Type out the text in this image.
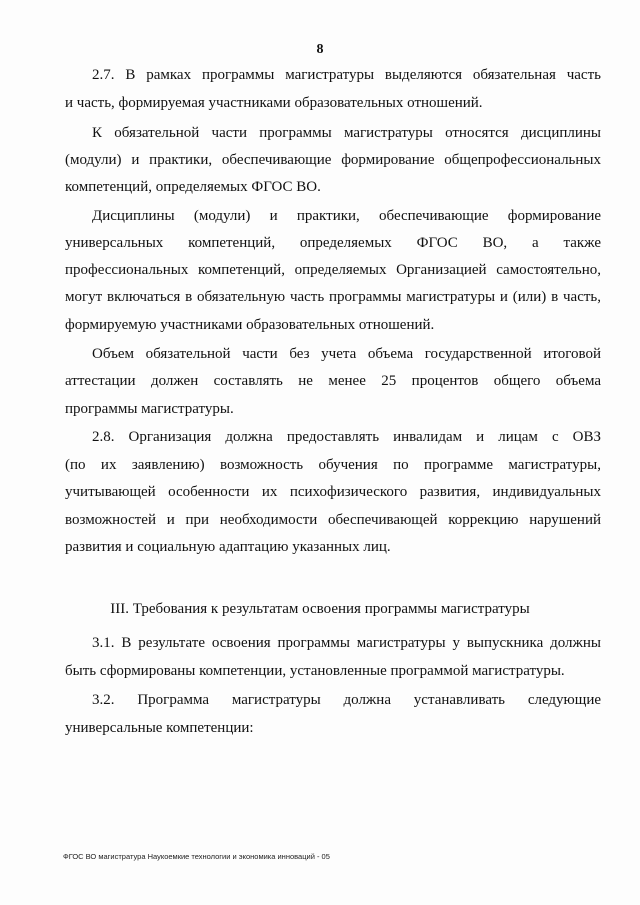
8
2.7. В рамках программы магистратуры выделяются обязательная часть
и часть, формируемая участниками образовательных отношений.
К обязательной части программы магистратуры относятся дисциплины
(модули) и практики, обеспечивающие формирование общепрофессиональных
компетенций, определяемых ФГОС ВО.
Дисциплины (модули) и практики, обеспечивающие формирование
универсальных компетенций, определяемых ФГОС ВО, а также
профессиональных компетенций, определяемых Организацией самостоятельно,
могут включаться в обязательную часть программы магистратуры и (или) в часть,
формируемую участниками образовательных отношений.
Объем обязательной части без учета объема государственной итоговой
аттестации должен составлять не менее 25 процентов общего объема
программы магистратуры.
2.8. Организация должна предоставлять инвалидам и лицам с ОВЗ
(по их заявлению) возможность обучения по программе магистратуры,
учитывающей особенности их психофизического развития, индивидуальных
возможностей и при необходимости обеспечивающей коррекцию нарушений
развития и социальную адаптацию указанных лиц.
III. Требования к результатам освоения программы магистратуры
3.1. В результате освоения программы магистратуры у выпускника должны
быть сформированы компетенции, установленные программой магистратуры.
3.2. Программа магистратуры должна устанавливать следующие
универсальные компетенции:
ФГОС ВО магистратура Наукоемкие технологии и экономика инноваций - 05
